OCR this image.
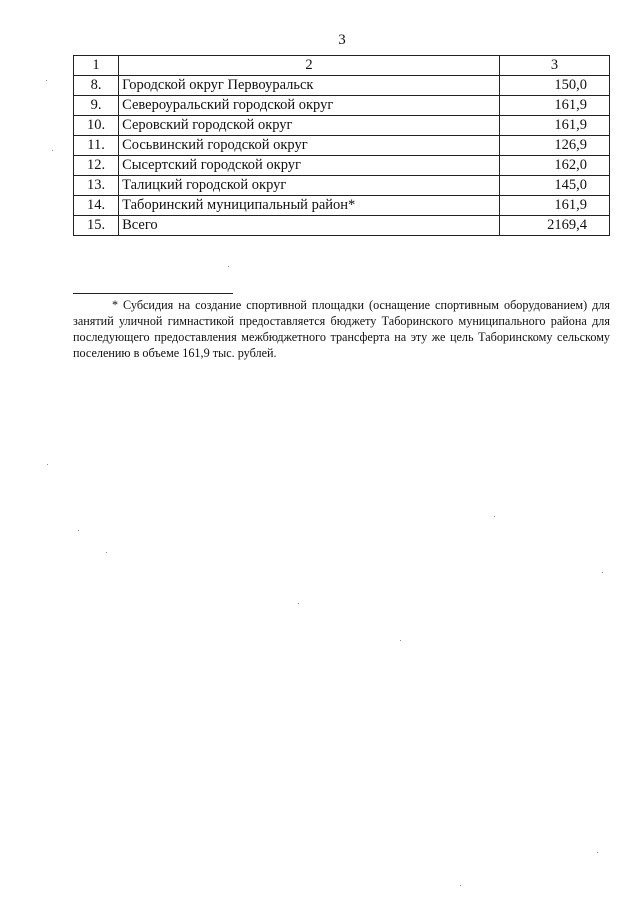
3
1	2	3
8.	Городской округ Первоуральск	150,0
9.	Североуральский городской округ	161,9
10.	Серовский городской округ	161,9
11.	Сосьвинский городской округ	126,9
12.	Сысертский городской округ	162,0
13.	Талицкий городской округ	145,0
14.	Таборинский муниципальный район*	161,9
15.	Всего	2169,4

* Субсидия на создание спортивной площадки (оснащение спортивным оборудованием) для занятий уличной гимнастикой предоставляется бюджету Таборинского муниципального района для последующего предоставления межбюджетного трансферта на эту же цель Таборинскому сельскому поселению в объеме 161,9 тыс. рублей.
